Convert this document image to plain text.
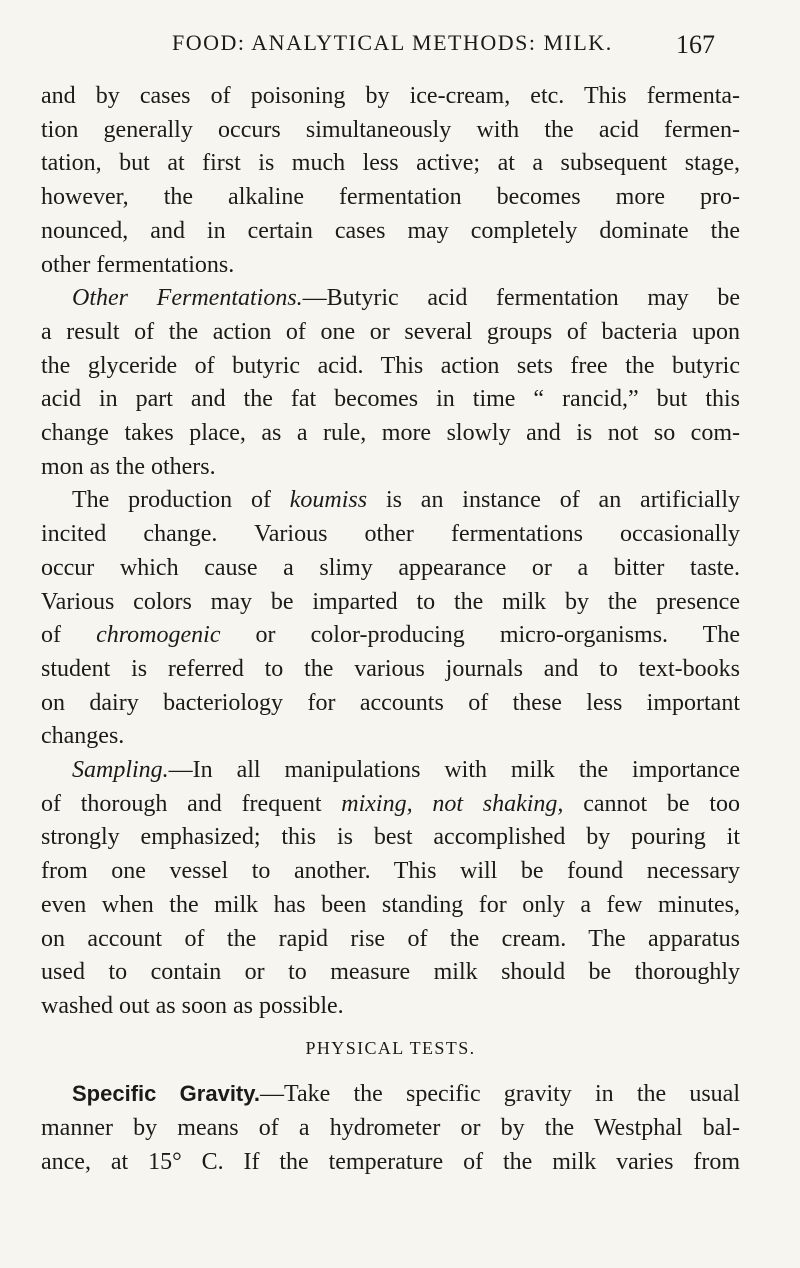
FOOD: ANALYTICAL METHODS: MILK. 167
and by cases of poisoning by ice-cream, etc. This fermenta-
tion generally occurs simultaneously with the acid fermen-
tation, but at first is much less active; at a subsequent stage,
however, the alkaline fermentation becomes more pro-
nounced, and in certain cases may completely dominate the
other fermentations.
Other Fermentations.—Butyric acid fermentation may be
a result of the action of one or several groups of bacteria upon
the glyceride of butyric acid. This action sets free the butyric
acid in part and the fat becomes in time “ rancid,” but this
change takes place, as a rule, more slowly and is not so com-
mon as the others.
The production of koumiss is an instance of an artificially
incited change. Various other fermentations occasionally
occur which cause a slimy appearance or a bitter taste.
Various colors may be imparted to the milk by the presence
of chromogenic or color-producing micro-organisms. The
student is referred to the various journals and to text-books
on dairy bacteriology for accounts of these less important
changes.
Sampling.—In all manipulations with milk the importance
of thorough and frequent mixing, not shaking, cannot be too
strongly emphasized; this is best accomplished by pouring it
from one vessel to another. This will be found necessary
even when the milk has been standing for only a few minutes,
on account of the rapid rise of the cream. The apparatus
used to contain or to measure milk should be thoroughly
washed out as soon as possible.
PHYSICAL TESTS.
Specific Gravity.—Take the specific gravity in the usual
manner by means of a hydrometer or by the Westphal bal-
ance, at 15° C. If the temperature of the milk varies from
